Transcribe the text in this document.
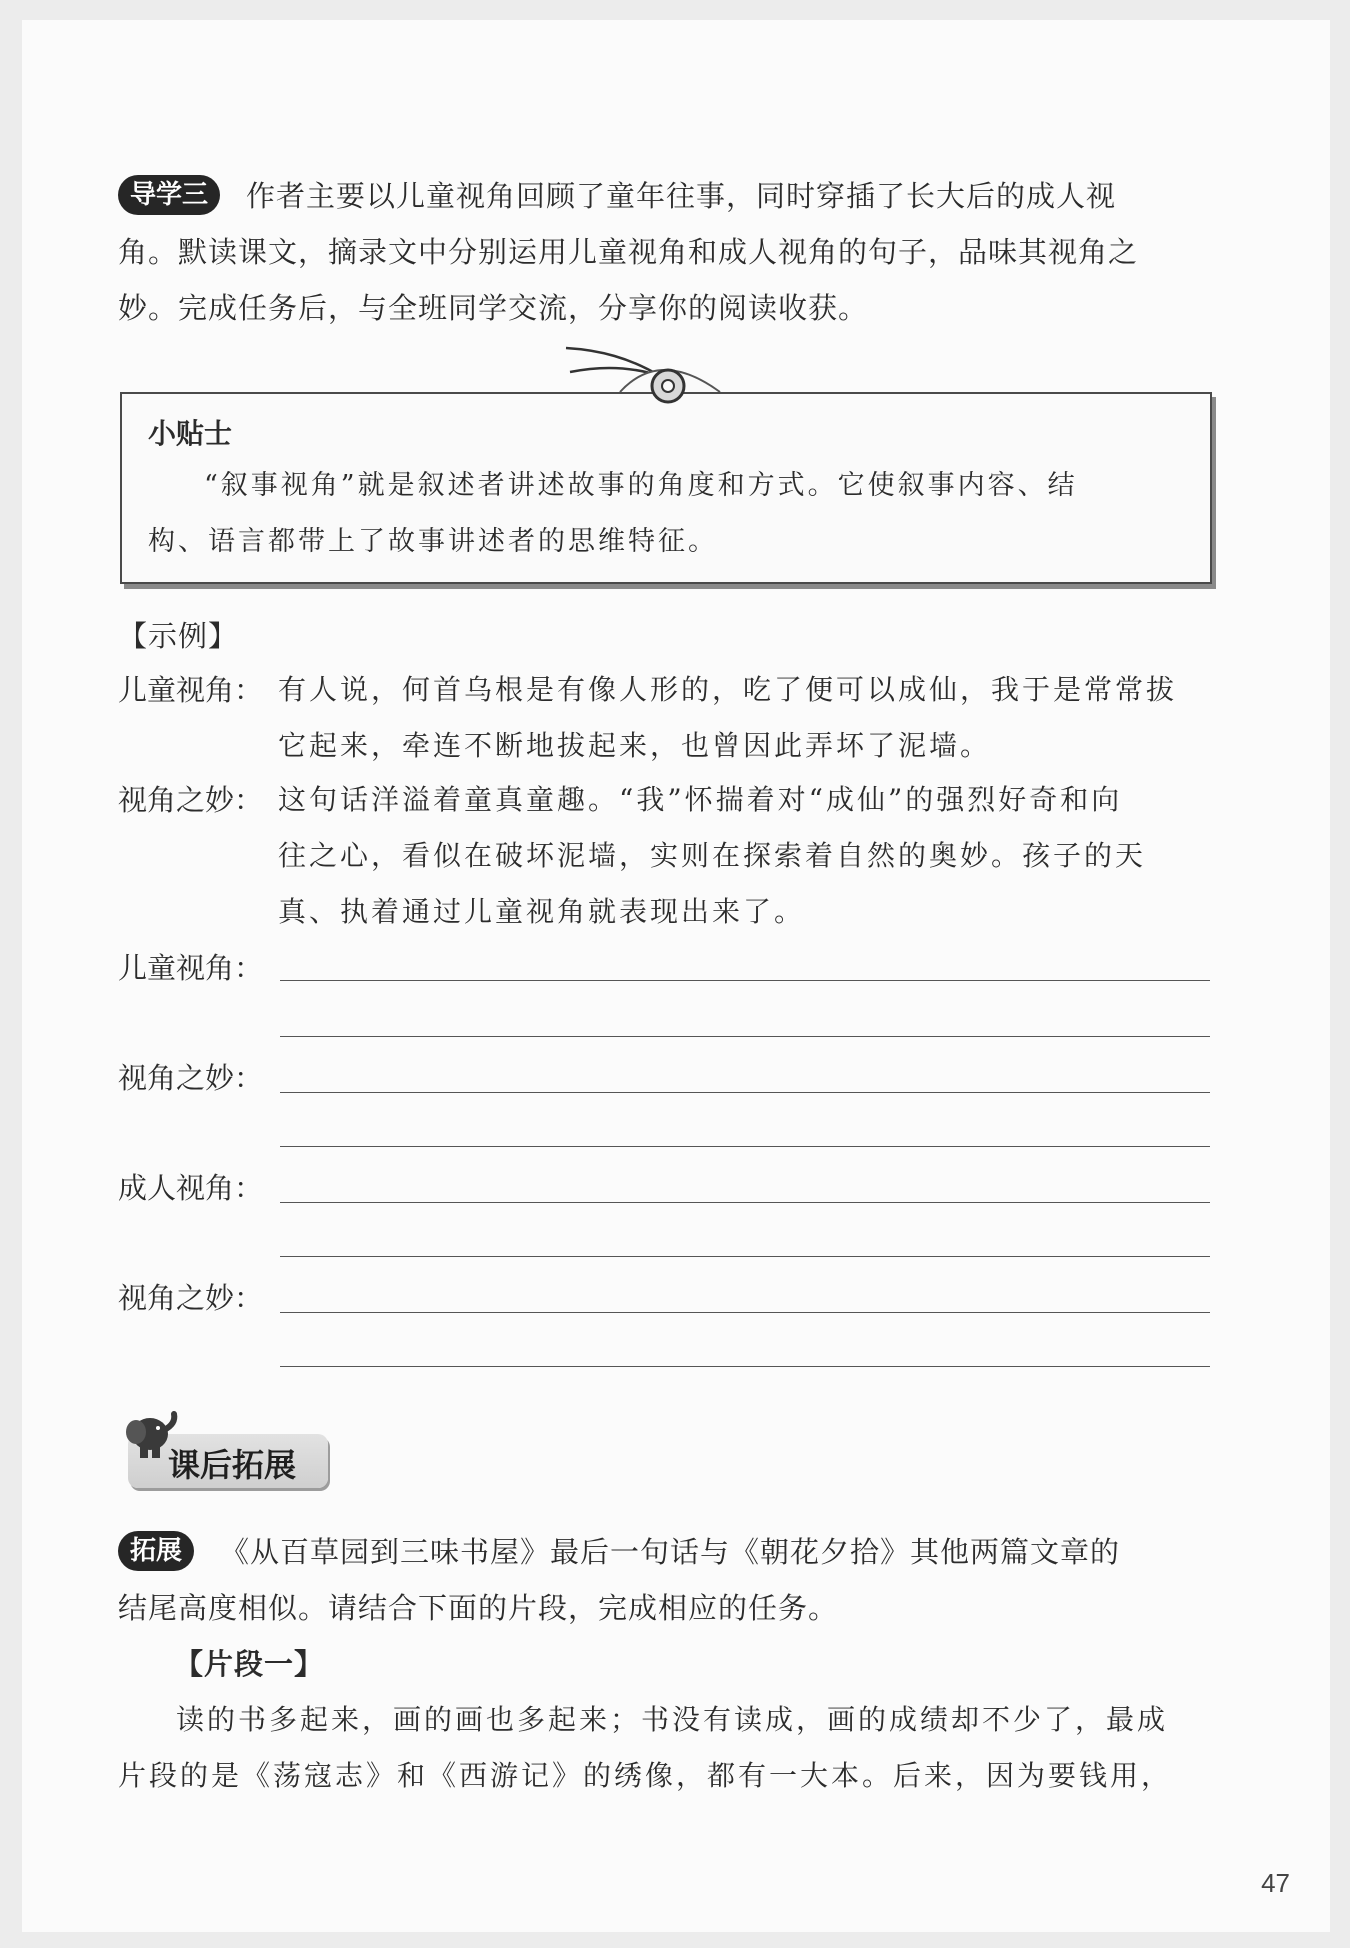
导学三 作者主要以儿童视角回顾了童年往事，同时穿插了长大后的成人视
角。默读课文，摘录文中分别运用儿童视角和成人视角的句子，品味其视角之
妙。完成任务后，与全班同学交流，分享你的阅读收获。
小贴士
“叙事视角”就是叙述者讲述故事的角度和方式。它使叙事内容、结
构、语言都带上了故事讲述者的思维特征。
【示例】
儿童视角： 有人说，何首乌根是有像人形的，吃了便可以成仙，我于是常常拔
它起来，牵连不断地拔起来，也曾因此弄坏了泥墙。
视角之妙： 这句话洋溢着童真童趣。“我”怀揣着对“成仙”的强烈好奇和向
往之心，看似在破坏泥墙，实则在探索着自然的奥妙。孩子的天
真、执着通过儿童视角就表现出来了。
儿童视角：
视角之妙：
成人视角：
视角之妙：
课后拓展
拓展 《从百草园到三味书屋》最后一句话与《朝花夕拾》其他两篇文章的
结尾高度相似。请结合下面的片段，完成相应的任务。
【片段一】
读的书多起来，画的画也多起来；书没有读成，画的成绩却不少了，最成
片段的是《荡寇志》和《西游记》的绣像，都有一大本。后来，因为要钱用，
47
